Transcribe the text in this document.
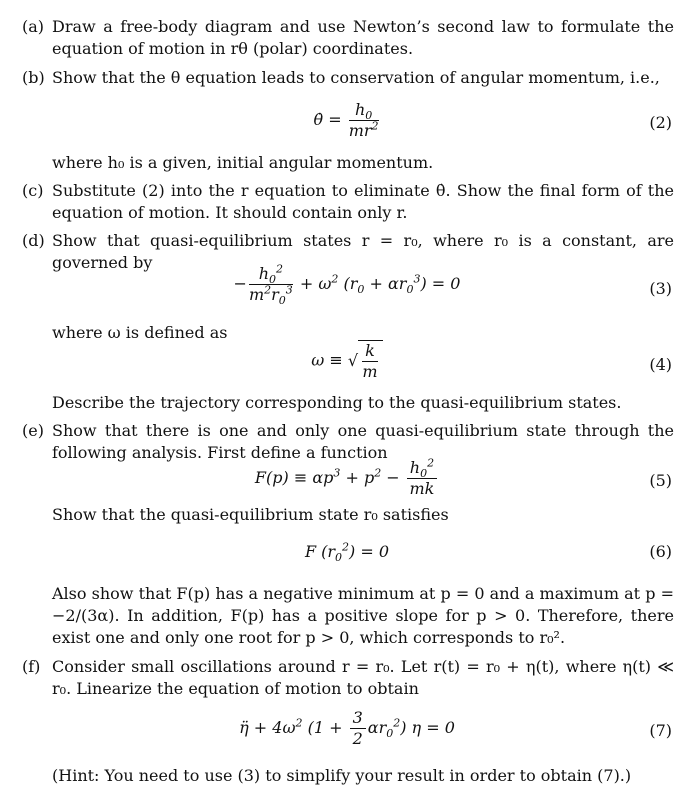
(a) Draw a free-body diagram and use Newton’s second law to formulate the equation of motion in rθ (polar) coordinates.
(b) Show that the θ equation leads to conservation of angular momentum, i.e.,
θ̇ = $\frac{h_0}{mr^2}$	(2)
where h₀ is a given, initial angular momentum.
(c) Substitute (2) into the r equation to eliminate θ̇. Show the final form of the equation of motion. It should contain only r.
(d) Show that quasi-equilibrium states r = r₀, where r₀ is a constant, are governed by
− $\frac{h_0^2}{m^2r_0^3} + \omega^2$ $(r_0 + \alpha r_0^3) = 0$	(3)
where ω is defined as
ω ≡ √ $\frac{k}{m}$	(4)
Describe the trajectory corresponding to the quasi-equilibrium states.
(e) Show that there is one and only one quasi-equilibrium state through the following analysis. First define a function
$F(p) \equiv \alpha p^3 + p^2 - \frac{h_0^2}{mk}$	(5)
Show that the quasi-equilibrium state r₀ satisfies
F $(r_0^2) = 0$	(6)
Also show that F(p) has a negative minimum at p = 0 and a maximum at p = −2/(3α). In addition, F(p) has a positive slope for p > 0. Therefore, there exist one and only one root for p > 0, which corresponds to r₀².
(f) Consider small oscillations around r = r₀. Let r(t) = r₀ + η(t), where η(t) ≪ r₀. Linearize the equation of motion to obtain
η̈ + $4\omega^2$ $(1 + \frac{3}{2} \alpha r_0^2)$ η = 0	(7)
(Hint: You need to use (3) to simplify your result in order to obtain (7).)
